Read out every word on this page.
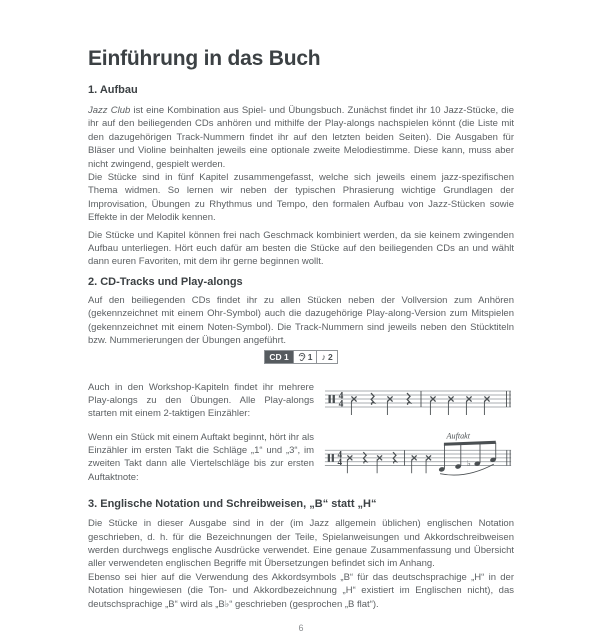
Einführung in das Buch
1. Aufbau

Jazz Club ist eine Kombination aus Spiel- und Übungsbuch. Zunächst findet ihr 10 Jazz-Stücke, die ihr auf den beiliegenden CDs anhören und mithilfe der Play-alongs nachspielen könnt (die Liste mit den dazugehörigen Track-Nummern findet ihr auf den letzten beiden Seiten). Die Ausgaben für Bläser und Violine beinhalten jeweils eine optionale zweite Melodiestimme. Diese kann, muss aber nicht zwingend, gespielt werden.

Die Stücke sind in fünf Kapitel zusammengefasst, welche sich jeweils einem jazz-spezifischen Thema widmen. So lernen wir neben der typischen Phrasierung wichtige Grundlagen der Improvisation, Übungen zu Rhythmus und Tempo, den formalen Aufbau von Jazz-Stücken sowie Effekte in der Melodik kennen.

Die Stücke und Kapitel können frei nach Geschmack kombiniert werden, da sie keinem zwingenden Aufbau unterliegen. Hört euch dafür am besten die Stücke auf den beiliegenden CDs an und wählt dann euren Favoriten, mit dem ihr gerne beginnen wollt.

2. CD-Tracks und Play-alongs

Auf den beiliegenden CDs findet ihr zu allen Stücken neben der Vollversion zum Anhören (gekennzeichnet mit einem Ohr-Symbol) auch die dazugehörige Play-along-Version zum Mitspielen (gekennzeichnet mit einem Noten-Symbol). Die Track-Nummern sind jeweils neben den Stücktiteln bzw. Nummerierungen der Übungen angeführt.

CD 1	1 ♪ 2

Auch in den Workshop-Kapiteln findet ihr mehrere Play-alongs zu den Übungen. Alle Play-alongs starten mit einem 2-taktigen Einzähler:

4
4

Wenn ein Stück mit einem Auftakt beginnt, hört ihr als Einzähler im ersten Takt die Schläge „1“ und „3“, im zweiten Takt dann alle Viertelschläge bis zur ersten Auftaktnote:

Auftakt
4
4	♭
3. Englische Notation und Schreibweisen, „B“ statt „H“

Die Stücke in dieser Ausgabe sind in der (im Jazz allgemein üblichen) englischen Notation geschrieben, d. h. für die Bezeichnungen der Teile, Spielanweisungen und Akkordschreibweisen werden durchwegs englische Ausdrücke verwendet. Eine genaue Zusammenfassung und Übersicht aller verwendeten englischen Begriffe mit Übersetzungen befindet sich im Anhang.

Ebenso sei hier auf die Verwendung des Akkordsymbols „B“ für das deutschsprachige „H“ in der Notation hingewiesen (die Ton- und Akkordbezeichnung „H“ existiert im Englischen nicht), das deutschsprachige „B“ wird als „B♭“ geschrieben (gesprochen „B flat“).

6
